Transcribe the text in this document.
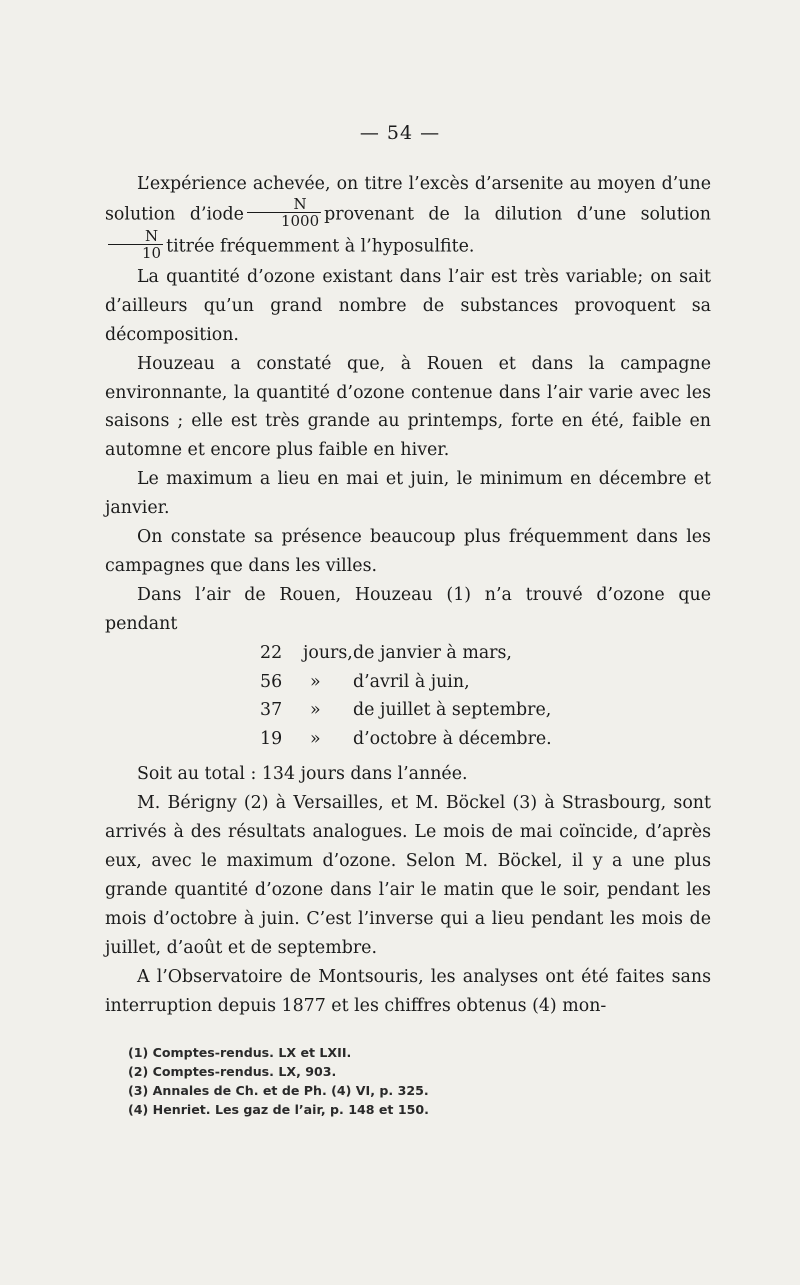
— 54 —

L’expérience achevée, on titre l’excès d’arsenite au moyen d’une solution d’iode $\frac{N}{1000}$ provenant de la dilution d’une solution
$\frac{N}{10}$ titrée fréquemment à l’hyposulfite.

La quantité d’ozone existant dans l’air est très variable; on sait d’ailleurs qu’un grand nombre de substances provoquent sa décomposition.

Houzeau a constaté que, à Rouen et dans la campagne environnante, la quantité d’ozone contenue dans l’air varie avec les saisons ; elle est très grande au printemps, forte en été, faible en automne et encore plus faible en hiver.

Le maximum a lieu en mai et juin, le minimum en décembre et janvier.

On constate sa présence beaucoup plus fréquemment dans les campagnes que dans les villes.

Dans l’air de Rouen, Houzeau (1) n’a trouvé d’ozone que pendant

22	jours, de janvier à mars,
56	» d’avril à juin,
37	» de juillet à septembre,
19	» d’octobre à décembre.

Soit au total : 134 jours dans l’année.

M. Bérigny (2) à Versailles, et M. Böckel (3) à Strasbourg, sont arrivés à des résultats analogues. Le mois de mai coïncide, d’après eux, avec le maximum d’ozone. Selon M. Böckel, il y a une plus grande quantité d’ozone dans l’air le matin que le soir, pendant les mois d’octobre à juin. C’est l’inverse qui a lieu pendant les mois de juillet, d’août et de septembre.

A l’Observatoire de Montsouris, les analyses ont été faites sans interruption depuis 1877 et les chiffres obtenus (4) mon-

(1) Comptes-rendus. LX et LXII.

(2) Comptes-rendus. LX, 903.

(3) Annales de Ch. et de Ph. (4) VI, p. 325.

(4) Henriet. Les gaz de l’air, p. 148 et 150.
